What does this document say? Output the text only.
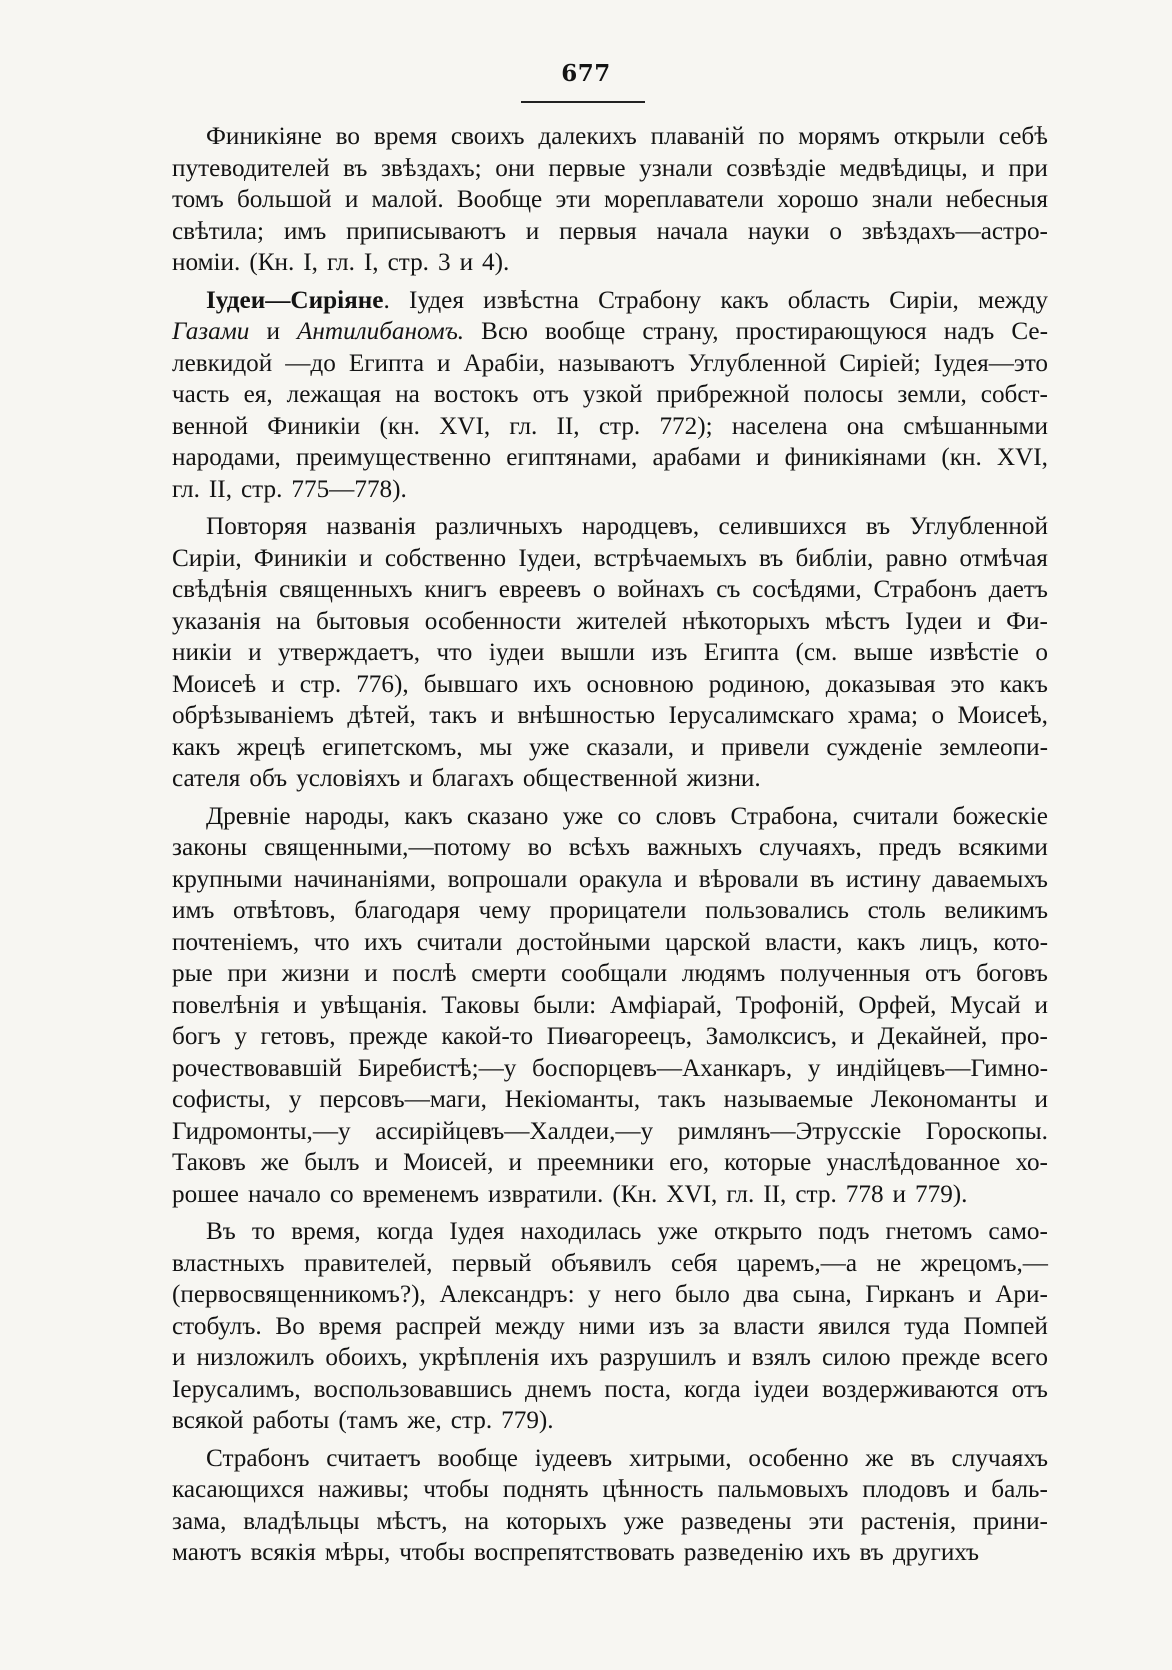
677
Финикіяне во время своихъ далекихъ плаваній по морямъ открыли себѣ
путеводителей въ звѣздахъ; они первые узнали созвѣздіе медвѣдицы, и при
томъ большой и малой. Вообще эти мореплаватели хорошо знали небесныя
свѣтила; имъ приписываютъ и первыя начала науки о звѣздахъ—астро-
номіи. (Кн. I, гл. I, стр. 3 и 4).
Іудеи—Сиріяне. Іудея извѣстна Страбону какъ область Сиріи, между
Газами и Антилибаномъ. Всю вообще страну, простирающуюся надъ Се-
левкидой —до Египта и Арабіи, называютъ Углубленной Сиріей; Іудея—это
часть ея, лежащая на востокъ отъ узкой прибрежной полосы земли, собст-
венной Финикіи (кн. XVI, гл. II, стр. 772); населена она смѣшанными
народами, преимущественно египтянами, арабами и финикіянами (кн. XVI,
гл. II, стр. 775—778).
Повторяя названія различныхъ народцевъ, селившихся въ Углубленной
Сиріи, Финикіи и собственно Іудеи, встрѣчаемыхъ въ библіи, равно отмѣчая
свѣдѣнія священныхъ книгъ евреевъ о войнахъ съ сосѣдями, Страбонъ даетъ
указанія на бытовыя особенности жителей нѣкоторыхъ мѣстъ Іудеи и Фи-
никіи и утверждаетъ, что іудеи вышли изъ Египта (см. выше извѣстіе о
Моисеѣ и стр. 776), бывшаго ихъ основною родиною, доказывая это какъ
обрѣзываніемъ дѣтей, такъ и внѣшностью Іерусалимскаго храма; о Моисеѣ,
какъ жрецѣ египетскомъ, мы уже сказали, и привели сужденіе землеопи-
сателя объ условіяхъ и благахъ общественной жизни.
Древніе народы, какъ сказано уже со словъ Страбона, считали божескіе
законы священными,—потому во всѣхъ важныхъ случаяхъ, предъ всякими
крупными начинаніями, вопрошали оракула и вѣровали въ истину даваемыхъ
имъ отвѣтовъ, благодаря чему прорицатели пользовались столь великимъ
почтеніемъ, что ихъ считали достойными царской власти, какъ лицъ, кото-
рые при жизни и послѣ смерти сообщали людямъ полученныя отъ боговъ
повелѣнія и увѣщанія. Таковы были: Амфіарай, Трофоній, Орфей, Мусай и
богъ у гетовъ, прежде какой-то Пиѳагореецъ, Замолксисъ, и Декайней, про-
рочествовавшій Биребистѣ;—у боспорцевъ—Аханкаръ, у индійцевъ—Гимно-
софисты, у персовъ—маги, Некіоманты, такъ называемые Лекономанты и
Гидромонты,—у ассирійцевъ—Халдеи,—у римлянъ—Этрусскіе Гороскопы.
Таковъ же былъ и Моисей, и преемники его, которые унаслѣдованное хо-
рошее начало со временемъ извратили. (Кн. XVI, гл. II, стр. 778 и 779).
Въ то время, когда Іудея находилась уже открыто подъ гнетомъ само-
властныхъ правителей, первый объявилъ себя царемъ,—а не жрецомъ,—
(первосвященникомъ?), Александръ: у него было два сына, Гирканъ и Ари-
стобулъ. Во время распрей между ними изъ за власти явился туда Помпей
и низложилъ обоихъ, укрѣпленія ихъ разрушилъ и взялъ силою прежде всего
Іерусалимъ, воспользовавшись днемъ поста, когда іудеи воздерживаются отъ
всякой работы (тамъ же, стр. 779).
Страбонъ считаетъ вообще іудеевъ хитрыми, особенно же въ случаяхъ
касающихся наживы; чтобы поднять цѣнность пальмовыхъ плодовъ и баль-
зама, владѣльцы мѣстъ, на которыхъ уже разведены эти растенія, прини-
маютъ всякія мѣры, чтобы воспрепятствовать разведенію ихъ въ другихъ
